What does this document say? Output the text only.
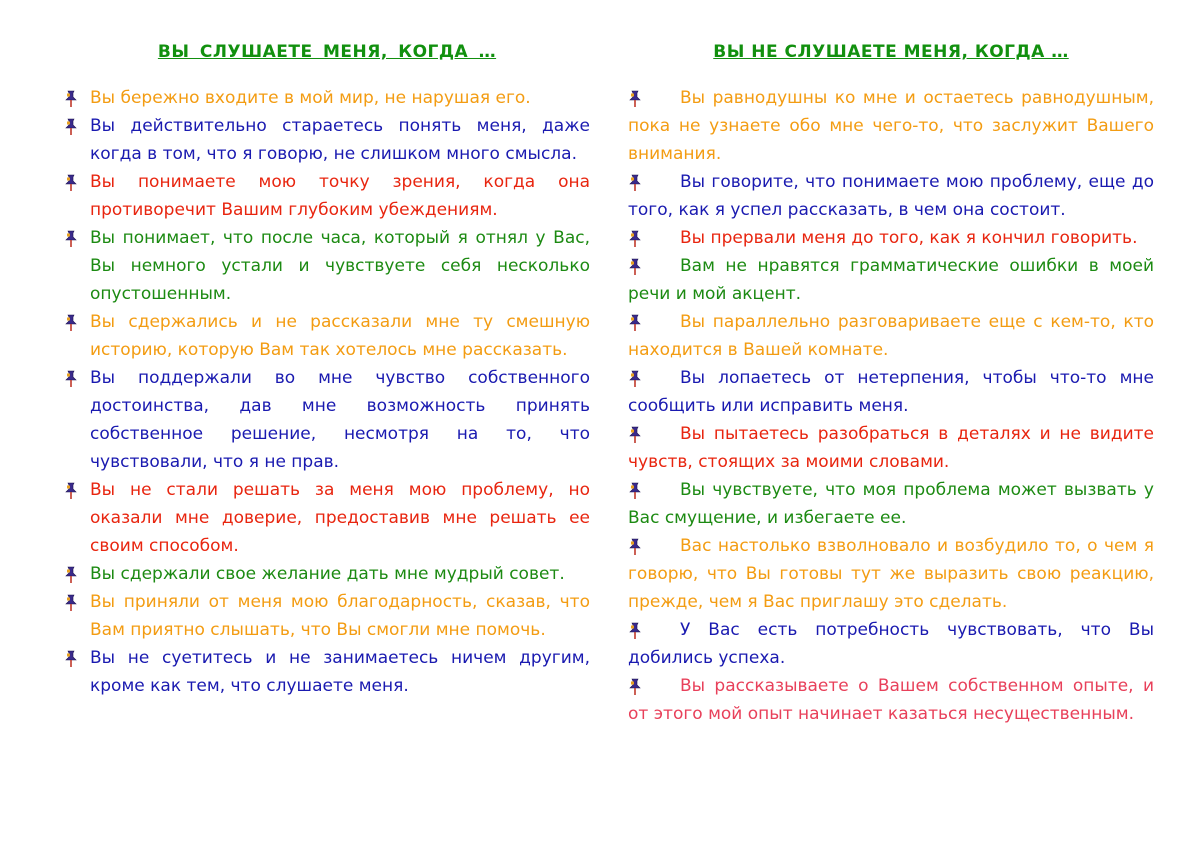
ВЫ СЛУШАЕТЕ МЕНЯ, КОГДА …
Вы бережно входите в мой мир, не нарушая его.
Вы действительно стараетесь понять меня, даже когда в том, что я говорю, не слишком много смысла.
Вы понимаете мою точку зрения, когда она противоречит Вашим глубоким убеждениям.
Вы понимает, что после часа, который я отнял у Вас, Вы немного устали и чувствуете себя несколько опустошенным.
Вы сдержались и не рассказали мне ту смешную историю, которую Вам так хотелось мне рассказать.
Вы поддержали во мне чувство собственного достоинства, дав мне возможность принять собственное решение, несмотря на то, что чувствовали, что я не прав.
Вы не стали решать за меня мою проблему, но оказали мне доверие, предоставив мне решать ее своим способом.
Вы сдержали свое желание дать мне мудрый совет.
Вы приняли от меня мою благодарность, сказав, что Вам приятно слышать, что Вы смогли мне помочь.
Вы не суетитесь и не занимаетесь ничем другим, кроме как тем, что слушаете меня.
ВЫ НЕ СЛУШАЕТЕ МЕНЯ, КОГДА …
Вы равнодушны ко мне и остаетесь равнодушным, пока не узнаете обо мне чего-то, что заслужит Вашего внимания.
Вы говорите, что понимаете мою проблему, еще до того, как я успел рассказать, в чем она состоит.
Вы прервали меня до того, как я кончил говорить.
Вам не нравятся грамматические ошибки в моей речи и мой акцент.
Вы параллельно разговариваете еще с кем-то, кто находится в Вашей комнате.
Вы лопаетесь от нетерпения, чтобы что-то мне сообщить или исправить меня.
Вы пытаетесь разобраться в деталях и не видите чувств, стоящих за моими словами.
Вы чувствуете, что моя проблема может вызвать у Вас смущение, и избегаете ее.
Вас настолько взволновало и возбудило то, о чем я говорю, что Вы готовы тут же выразить свою реакцию, прежде, чем я Вас приглашу это сделать.
У Вас есть потребность чувствовать, что Вы добились успеха.
Вы рассказываете о Вашем собственном опыте, и от этого мой опыт начинает казаться несущественным.
